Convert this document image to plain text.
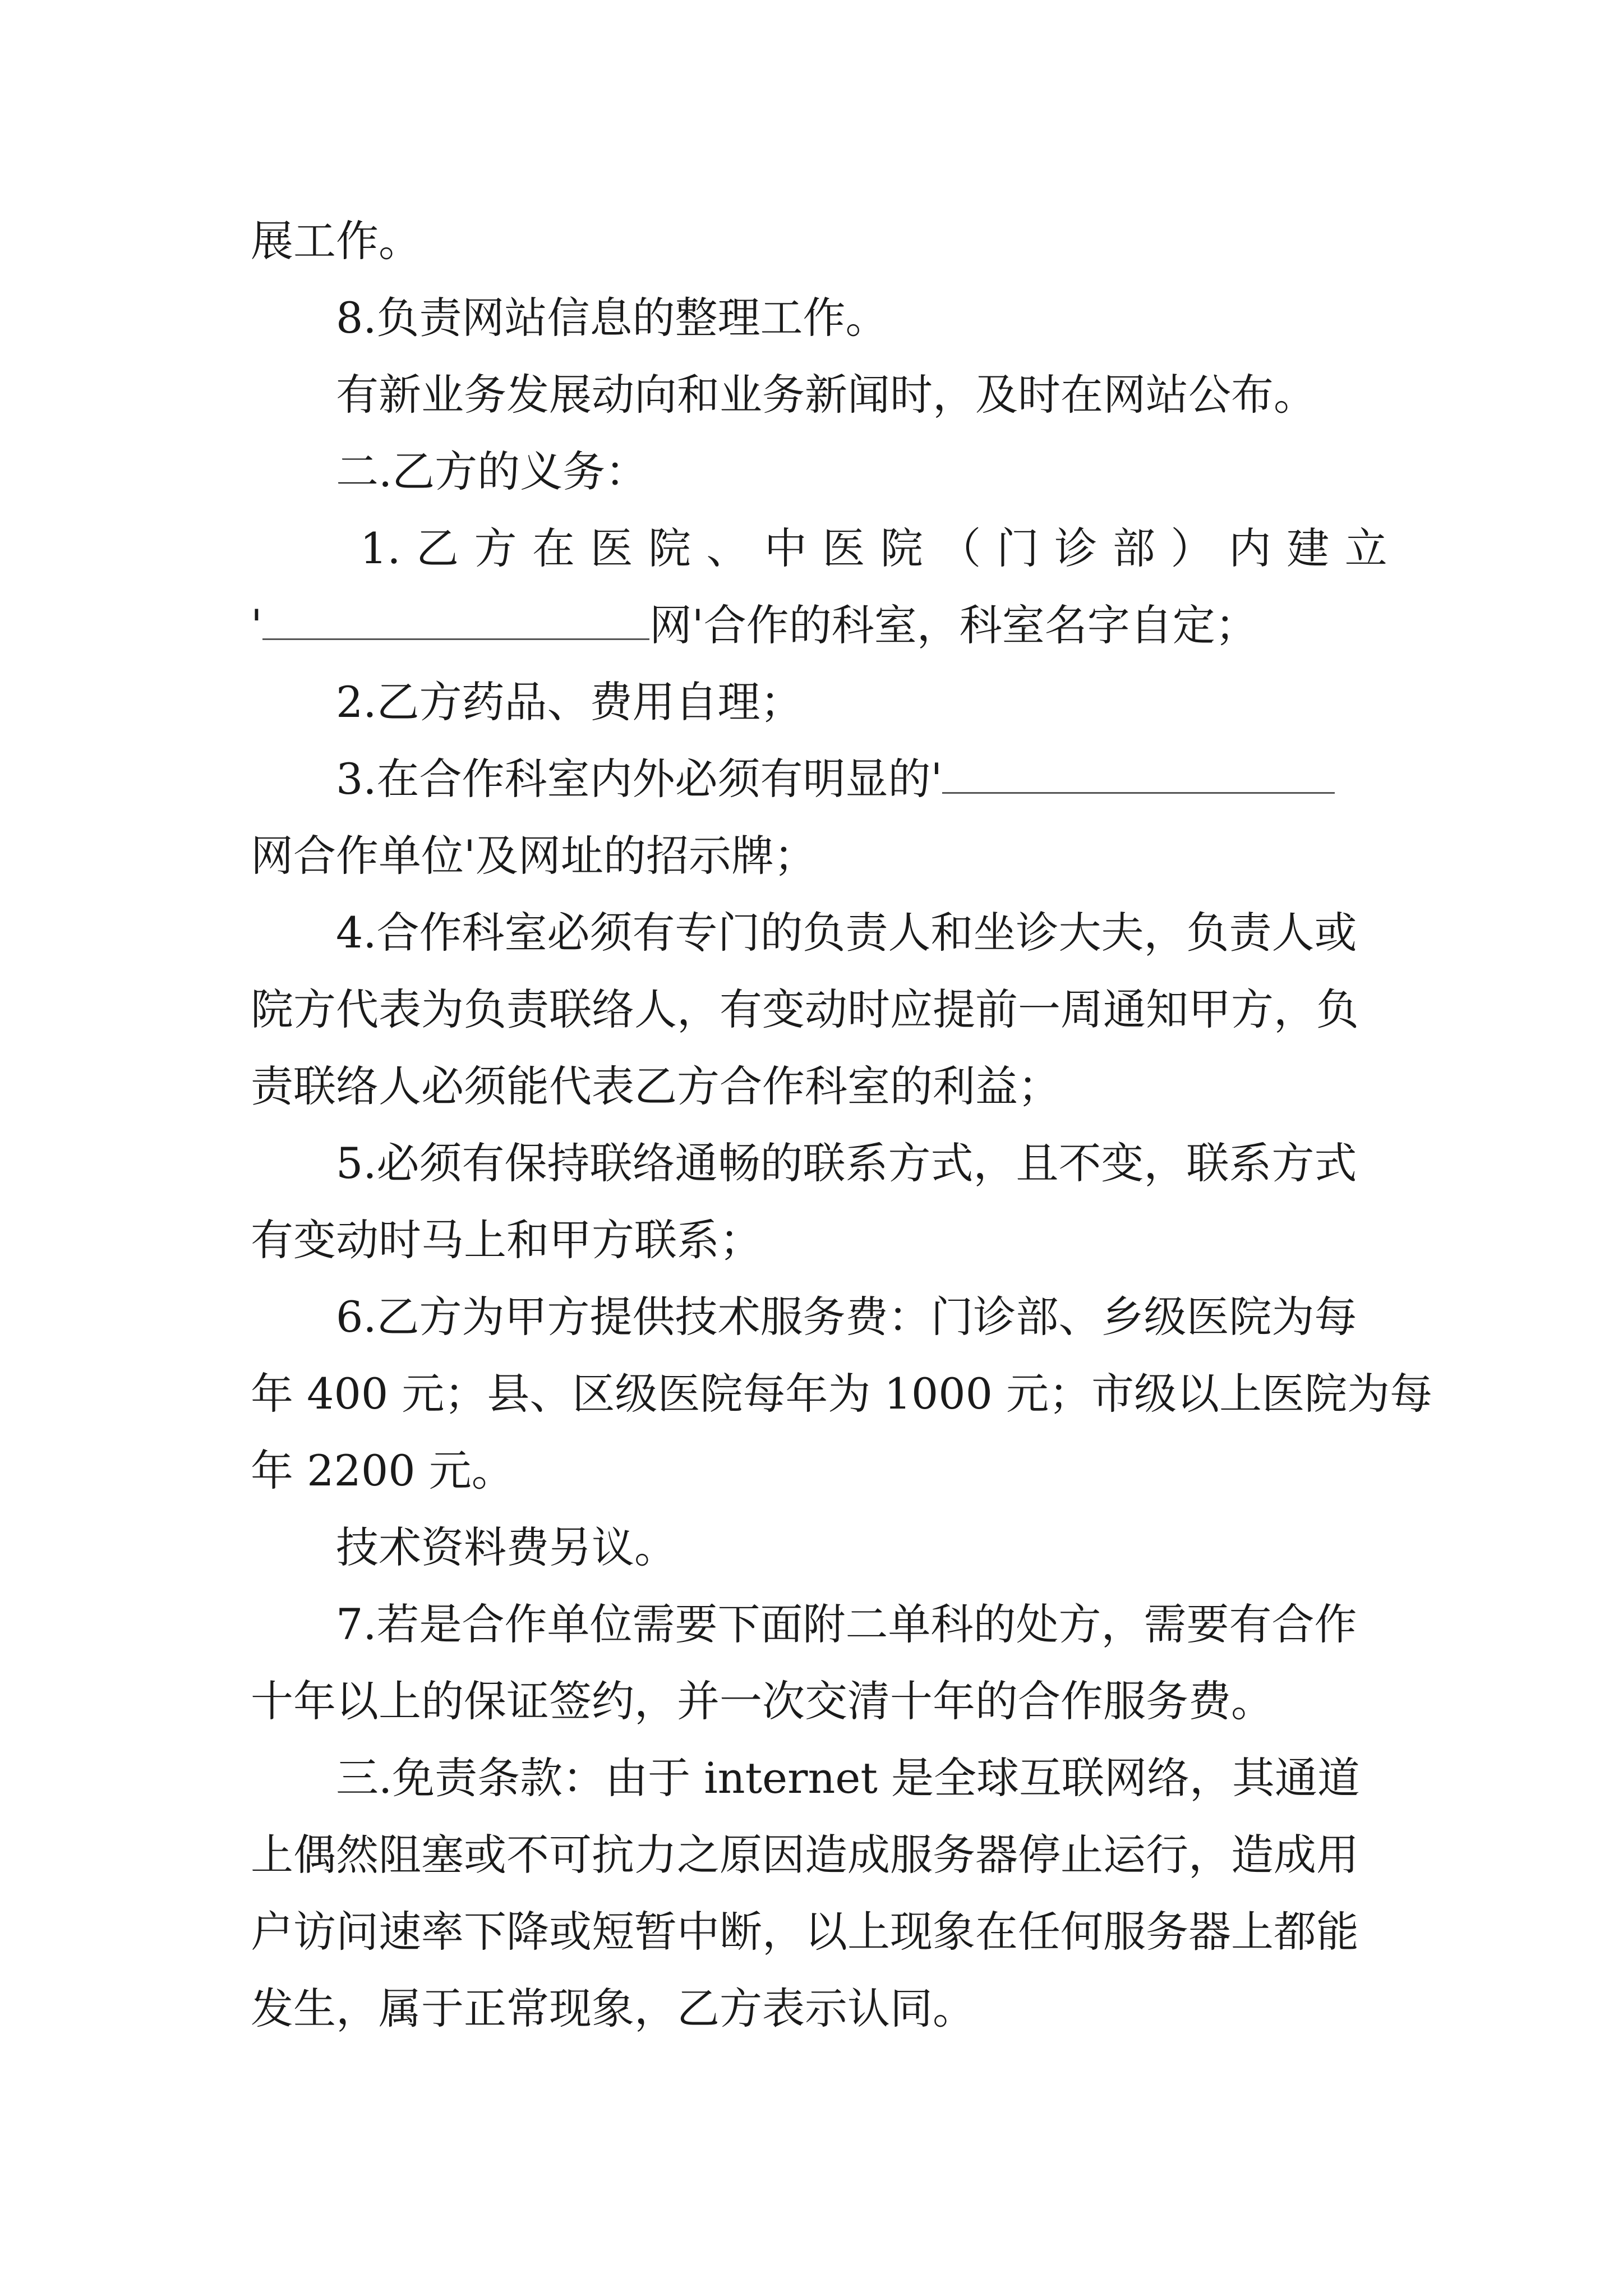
展工作。
8.负责网站信息的整理工作。
有新业务发展动向和业务新闻时，及时在网站公布。
二.乙方的义务：
1. 乙 方 在 医 院 、 中 医 院 （ 门 诊 部 ） 内 建 立
'	网'合作的科室，科室名字自定；
2.乙方药品、费用自理；
3.在合作科室内外必须有明显的'
网合作单位'及网址的招示牌；
4.合作科室必须有专门的负责人和坐诊大夫，负责人或
院方代表为负责联络人，有变动时应提前一周通知甲方，负
责联络人必须能代表乙方合作科室的利益；
5.必须有保持联络通畅的联系方式，且不变，联系方式
有变动时马上和甲方联系；
6.乙方为甲方提供技术服务费：门诊部、乡级医院为每
年 400 元；县、区级医院每年为 1000 元；市级以上医院为每
年 2200 元。
技术资料费另议。
7.若是合作单位需要下面附二单科的处方，需要有合作
十年以上的保证签约，并一次交清十年的合作服务费。
三.免责条款：由于 internet 是全球互联网络，其通道
上偶然阻塞或不可抗力之原因造成服务器停止运行，造成用
户访问速率下降或短暂中断，以上现象在任何服务器上都能
发生，属于正常现象，乙方表示认同。
